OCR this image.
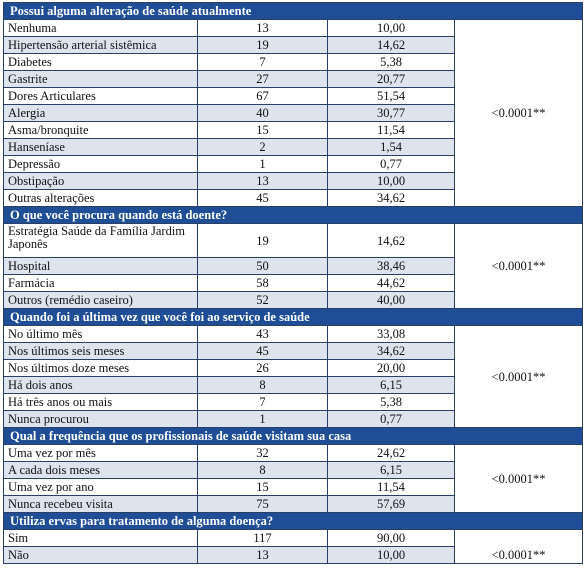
Possui alguma alteração de saúde atualmente			
Nenhuma	13	10,00	<0.0001**
Hipertensão arterial sistêmica	19	14,62	
Diabetes	7	5,38	
Gastrite	27	20,77	
Dores Articulares	67	51,54	
Alergia	40	30,77	
Asma/bronquite	15	11,54	
Hanseníase	2	1,54	
Depressão	1	0,77	
Obstipação	13	10,00	
Outras alterações	45	34,62	
O que você procura quando está doente?			
Estratégia Saúde da Família Jardim Japonês	19	14,62	<0.0001**
Hospital	50	38,46	
Farmácia	58	44,62	
Outros (remédio caseiro)	52	40,00	
Quando foi a última vez que você foi ao serviço de saúde			
No último mês	43	33,08	<0.0001**
Nos últimos seis meses	45	34,62	
Nos últimos doze meses	26	20,00	
Há dois anos	8	6,15	
Há três anos ou mais	7	5,38	
Nunca procurou	1	0,77	
Qual a frequência que os profissionais de saúde visitam sua casa			
Uma vez por mês	32	24,62	<0.0001**
A cada dois meses	8	6,15	
Uma vez por ano	15	11,54	
Nunca recebeu visita	75	57,69	
Utiliza ervas para tratamento de alguma doença?			
Sim	117	90,00	<0.0001**
Não	13	10,00	
